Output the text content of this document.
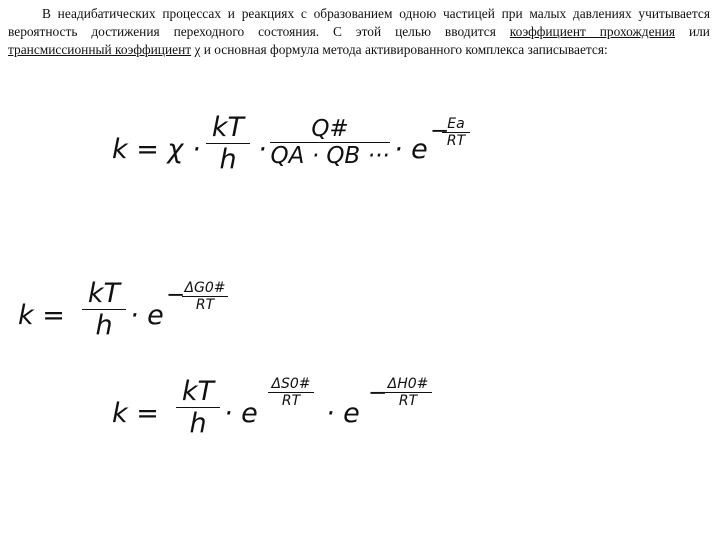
В неадибатических процессах и реакциях с образованием одною частицей при малых давлениях учитывается вероятность достижения переходного состояния. С этой целью вводится коэффициент прохождения или трансмиссионный коэффициент χ и основная формула метода активированного комплекса записывается:
k = χ ·
kT
h ·
Q#
QA · QB ··· · e
−
Ea
RT
k =
kT
h · e
− ΔG0#
RT
k =
kT
h · e
ΔS0#
RT · e
− ΔH0#
RT
